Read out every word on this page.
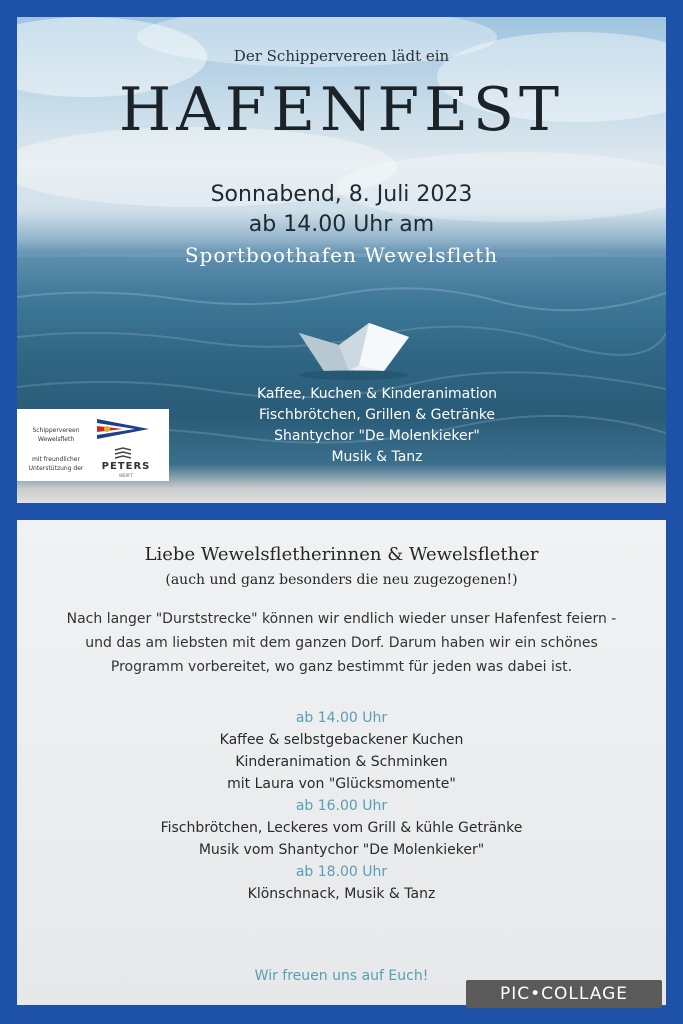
Der Schippervereen lädt ein
HAFENFEST
Sonnabend, 8. Juli 2023
ab 14.00 Uhr am
Sportboothafen Wewelsfleth
Kaffee, Kuchen & Kinderanimation
Fischbrötchen, Grillen & Getränke
Shantychor "De Molenkieker"
Musik & Tanz
Schippervereen
Wewelsfleth
mit freundlicher
Unterstützung der	PETERS
WERFT
Liebe Wewelsfletherinnen & Wewelsflether
(auch und ganz besonders die neu zugezogenen!)
Nach langer "Durststrecke" können wir endlich wieder unser Hafenfest feiern -
und das am liebsten mit dem ganzen Dorf. Darum haben wir ein schönes
Programm vorbereitet, wo ganz bestimmt für jeden was dabei ist.
ab 14.00 Uhr
Kaffee & selbstgebackener Kuchen
Kinderanimation & Schminken
mit Laura von "Glücksmomente"
ab 16.00 Uhr
Fischbrötchen, Leckeres vom Grill & kühle Getränke
Musik vom Shantychor "De Molenkieker"
ab 18.00 Uhr
Klönschnack, Musik & Tanz
Wir freuen uns auf Euch!
PIC•COLLAGE
